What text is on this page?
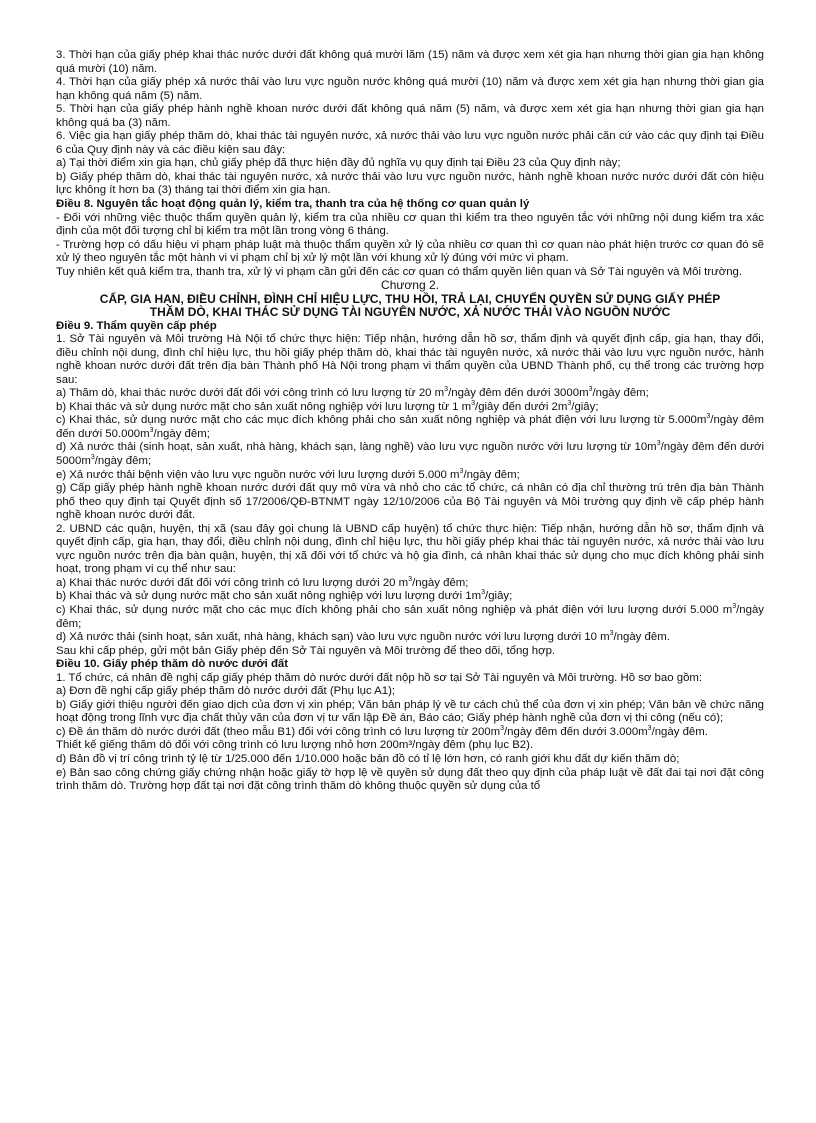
3. Thời hạn của giấy phép khai thác nước dưới đất không quá mười lăm (15) năm và được xem xét gia hạn nhưng thời gian gia hạn không quá mười (10) năm.

4. Thời hạn của giấy phép xả nước thải vào lưu vực nguồn nước không quá mười (10) năm và được xem xét gia hạn nhưng thời gian gia hạn không quá năm (5) năm.

5. Thời hạn của giấy phép hành nghề khoan nước dưới đất không quá năm (5) năm, và được xem xét gia hạn nhưng thời gian gia hạn không quá ba (3) năm.

6. Việc gia hạn giấy phép thăm dò, khai thác tài nguyên nước, xả nước thải vào lưu vực nguồn nước phải căn cứ vào các quy định tại Điều 6 của Quy định này và các điều kiện sau đây:

a) Tại thời điểm xin gia hạn, chủ giấy phép đã thực hiện đầy đủ nghĩa vụ quy định tại Điều 23 của Quy định này;

b) Giấy phép thăm dò, khai thác tài nguyên nước, xả nước thải vào lưu vực nguồn nước, hành nghề khoan nước nước dưới đất còn hiệu lực không ít hơn ba (3) tháng tại thời điểm xin gia hạn.

Điều 8. Nguyên tắc hoạt động quản lý, kiểm tra, thanh tra của hệ thống cơ quan quản lý

- Đối với những việc thuộc thẩm quyền quản lý, kiểm tra của nhiều cơ quan thì kiểm tra theo nguyên tắc với những nội dung kiểm tra xác định của một đối tượng chỉ bị kiểm tra một lần trong vòng 6 tháng.

- Trường hợp có dấu hiệu vi phạm pháp luật mà thuộc thẩm quyền xử lý của nhiều cơ quan thì cơ quan nào phát hiện trước cơ quan đó sẽ xử lý theo nguyên tắc một hành vi vi phạm chỉ bị xử lý một lần với khung xử lý đúng với mức vi phạm.

Tuy nhiên kết quả kiểm tra, thanh tra, xử lý vi phạm cần gửi đến các cơ quan có thẩm quyền liên quan và Sở Tài nguyên và Môi trường.

Chương 2.

CẤP, GIA HẠN, ĐIỀU CHỈNH, ĐÌNH CHỈ HIỆU LỰC, THU HỒI, TRẢ LẠI, CHUYỂN QUYỀN SỬ DỤNG GIẤY PHÉP

THĂM DÒ, KHAI THÁC SỬ DỤNG TÀI NGUYÊN NƯỚC, XẢ NƯỚC THẢI VÀO NGUỒN NƯỚC

Điều 9. Thẩm quyền cấp phép

1. Sở Tài nguyên và Môi trường Hà Nội tổ chức thực hiện: Tiếp nhận, hướng dẫn hồ sơ, thẩm định và quyết định cấp, gia hạn, thay đổi, điều chỉnh nội dung, đình chỉ hiệu lực, thu hồi giấy phép thăm dò, khai thác tài nguyên nước, xả nước thải vào lưu vực nguồn nước, hành nghề khoan nước dưới đất trên địa bàn Thành phố Hà Nội trong phạm vi thẩm quyền của UBND Thành phố, cụ thể trong các trường hợp sau:

a) Thăm dò, khai thác nước dưới đất đối với công trình có lưu lượng từ 20 $m^3$/ngày đêm đến dưới $3000m^3$/ngày đêm;

b) Khai thác và sử dụng nước mặt cho sản xuất nông nghiệp với lưu lượng từ 1 $m^3$/giây đến dưới $2m^3$/giây;

c) Khai thác, sử dụng nước mặt cho các mục đích không phải cho sản xuất nông nghiệp và phát điện với lưu lượng từ $5.000m^3$/ngày đêm đến dưới $50.000m^3$/ngày đêm;

d) Xả nước thải (sinh hoạt, sản xuất, nhà hàng, khách sạn, làng nghề) vào lưu vực nguồn nước với lưu lượng từ $10m^3$/ngày đêm đến dưới $5000m^3$/ngày đêm;

e) Xả nước thải bệnh viện vào lưu vực nguồn nước với lưu lượng dưới 5.000 $m^3$/ngày đêm;

g) Cấp giấy phép hành nghề khoan nước dưới đất quy mô vừa và nhỏ cho các tổ chức, cá nhân có địa chỉ thường trú trên địa bàn Thành phố theo quy định tại Quyết định số 17/2006/QĐ-BTNMT ngày 12/10/2006 của Bộ Tài nguyên và Môi trường quy định về cấp phép hành nghề khoan nước dưới đất.

2. UBND các quận, huyện, thị xã (sau đây gọi chung là UBND cấp huyện) tổ chức thực hiện: Tiếp nhận, hướng dẫn hồ sơ, thẩm định và quyết định cấp, gia hạn, thay đổi, điều chỉnh nội dung, đình chỉ hiệu lực, thu hồi giấy phép khai thác tài nguyên nước, xả nước thải vào lưu vực nguồn nước trên địa bàn quận, huyện, thị xã đối với tổ chức và hộ gia đình, cá nhân khai thác sử dụng cho mục đích không phải sinh hoạt, trong phạm vi cụ thể như sau:

a) Khai thác nước dưới đất đối với công trình có lưu lượng dưới 20 $m^3$/ngày đêm;

b) Khai thác và sử dụng nước mặt cho sản xuất nông nghiệp với lưu lượng dưới $1m^3$/giây;

c) Khai thác, sử dụng nước mặt cho các mục đích không phải cho sản xuất nông nghiệp và phát điện với lưu lượng dưới 5.000 $m^3$/ngày đêm;

d) Xả nước thải (sinh hoạt, sản xuất, nhà hàng, khách sạn) vào lưu vực nguồn nước với lưu lượng dưới 10 $m^3$/ngày đêm.

Sau khi cấp phép, gửi một bản Giấy phép đến Sở Tài nguyên và Môi trường để theo dõi, tổng hợp.

Điều 10. Giấy phép thăm dò nước dưới đất

1. Tổ chức, cá nhân đề nghị cấp giấy phép thăm dò nước dưới đất nộp hồ sơ tại Sở Tài nguyên và Môi trường. Hồ sơ bao gồm:

a) Đơn đề nghị cấp giấy phép thăm dò nước dưới đất (Phụ lục A1);

b) Giấy giới thiệu người đến giao dịch của đơn vị xin phép; Văn bản pháp lý về tư cách chủ thể của đơn vị xin phép; Văn bản về chức năng hoạt động trong lĩnh vực địa chất thủy văn của đơn vị tư vấn lập Đề án, Báo cáo; Giấy phép hành nghề của đơn vị thi công (nếu có);

c) Đề án thăm dò nước dưới đất (theo mẫu B1) đối với công trình có lưu lượng từ $200m^3$/ngày đêm đến dưới $3.000m^3$/ngày đêm.

Thiết kế giếng thăm dò đối với công trình có lưu lượng nhỏ hơn 200m³/ngày đêm (phụ lục B2).

d) Bản đồ vị trí công trình tỷ lệ từ 1/25.000 đến 1/10.000 hoặc bản đồ có tỉ lệ lớn hơn, có ranh giới khu đất dự kiến thăm dò;

e) Bản sao công chứng giấy chứng nhận hoặc giấy tờ hợp lệ về quyền sử dụng đất theo quy định của pháp luật về đất đai tại nơi đặt công trình thăm dò. Trường hợp đất tại nơi đặt công trình thăm dò không thuộc quyền sử dụng của tổ
